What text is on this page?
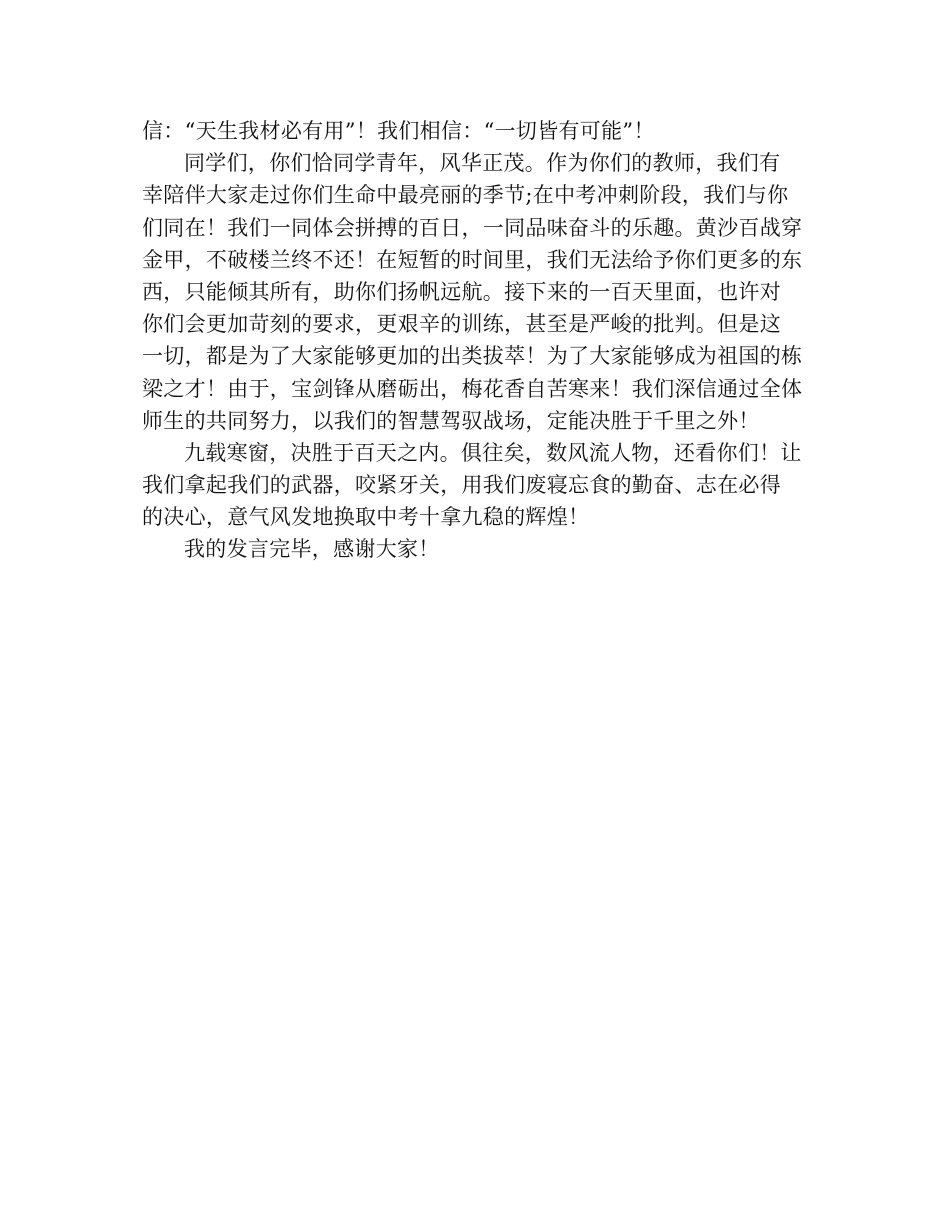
信：“天生我材必有用”！我们相信：“一切皆有可能”！
同学们，你们恰同学青年，风华正茂。作为你们的教师，我们有
幸陪伴大家走过你们生命中最亮丽的季节;在中考冲刺阶段，我们与你
们同在！我们一同体会拼搏的百日，一同品味奋斗的乐趣。黄沙百战穿
金甲，不破楼兰终不还！在短暂的时间里，我们无法给予你们更多的东
西，只能倾其所有，助你们扬帆远航。接下来的一百天里面，也许对
你们会更加苛刻的要求，更艰辛的训练，甚至是严峻的批判。但是这
一切，都是为了大家能够更加的出类拔萃！为了大家能够成为祖国的栋
梁之才！由于，宝剑锋从磨砺出，梅花香自苦寒来！我们深信通过全体
师生的共同努力，以我们的智慧驾驭战场，定能决胜于千里之外！
九载寒窗，决胜于百天之内。俱往矣，数风流人物，还看你们！让
我们拿起我们的武器，咬紧牙关，用我们废寝忘食的勤奋、志在必得
的决心，意气风发地换取中考十拿九稳的辉煌！
我的发言完毕，感谢大家！
